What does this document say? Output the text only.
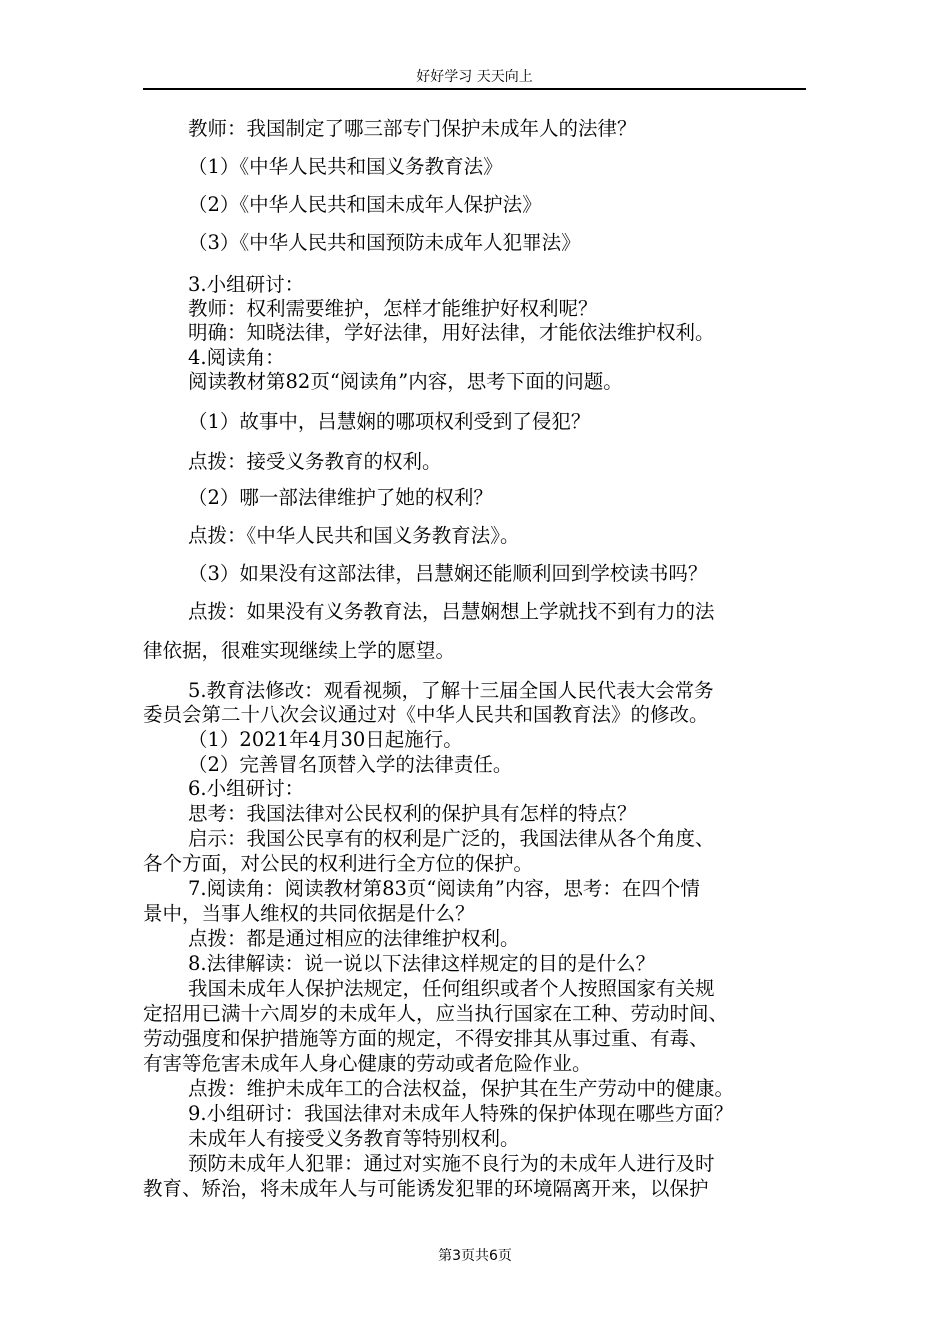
好好学习 天天向上
教师：我国制定了哪三部专门保护未成年人的法律？
（1）《中华人民共和国义务教育法》
（2）《中华人民共和国未成年人保护法》
（3）《中华人民共和国预防未成年人犯罪法》
3.小组研讨：
教师：权利需要维护，怎样才能维护好权利呢？
明确：知晓法律，学好法律，用好法律，才能依法维护权利。
4.阅读角：
阅读教材第82页“阅读角”内容，思考下面的问题。
（1）故事中，吕慧娴的哪项权利受到了侵犯？
点拨：接受义务教育的权利。
（2）哪一部法律维护了她的权利？
点拨：《中华人民共和国义务教育法》。
（3）如果没有这部法律，吕慧娴还能顺利回到学校读书吗？
点拨：如果没有义务教育法，吕慧娴想上学就找不到有力的法
律依据，很难实现继续上学的愿望。
5.教育法修改：观看视频，了解十三届全国人民代表大会常务
委员会第二十八次会议通过对《中华人民共和国教育法》的修改。
（1）2021年4月30日起施行。
（2）完善冒名顶替入学的法律责任。
6.小组研讨：
思考：我国法律对公民权利的保护具有怎样的特点？
启示：我国公民享有的权利是广泛的，我国法律从各个角度、
各个方面，对公民的权利进行全方位的保护。
7.阅读角：阅读教材第83页“阅读角”内容，思考：在四个情
景中，当事人维权的共同依据是什么？
点拨：都是通过相应的法律维护权利。
8.法律解读：说一说以下法律这样规定的目的是什么？
我国未成年人保护法规定，任何组织或者个人按照国家有关规
定招用已满十六周岁的未成年人，应当执行国家在工种、劳动时间、
劳动强度和保护措施等方面的规定，不得安排其从事过重、有毒、
有害等危害未成年人身心健康的劳动或者危险作业。
点拨：维护未成年工的合法权益，保护其在生产劳动中的健康。
9.小组研讨：我国法律对未成年人特殊的保护体现在哪些方面？
未成年人有接受义务教育等特别权利。
预防未成年人犯罪：通过对实施不良行为的未成年人进行及时
教育、矫治，将未成年人与可能诱发犯罪的环境隔离开来，以保护
第3页共6页
